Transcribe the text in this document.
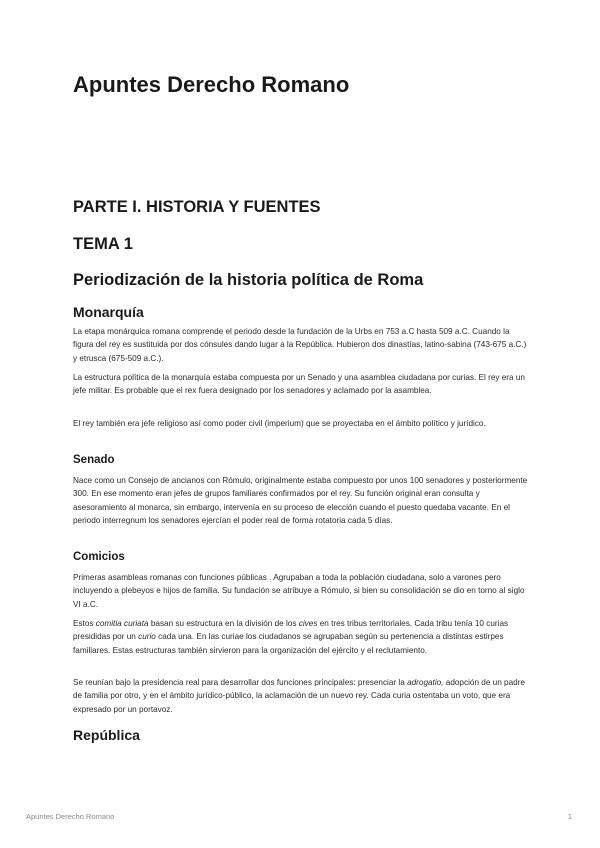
Apuntes Derecho Romano
PARTE I. HISTORIA Y FUENTES
TEMA 1
Periodización de la historia política de Roma
Monarquía

La etapa monárquica romana comprende el periodo desde la fundación de la Urbs en 753 a.C hasta 509 a.C. Cuando la figura del rey es sustituida por dos cónsules dando lugar a la República. Hubieron dos dinastías, latino-sabina (743-675 a.C.) y etrusca (675-509 a.C.).

La estructura política de la monarquía estaba compuesta por un Senado y una asamblea ciudadana por curias. El rey era un jefe militar. Es probable que el rex fuera designado por los senadores y aclamado por la asamblea.

El rey también era jefe religioso así como poder civil (imperium) que se proyectaba en el ámbito político y jurídico.

Senado

Nace como un Consejo de ancianos con Rómulo, originalmente estaba compuesto por unos 100 senadores y posteriormente 300. En ese momento eran jefes de grupos familiares confirmados por el rey. Su función original eran consulta y asesoramiento al monarca, sin embargo, intervenía en su proceso de elección cuando el puesto quedaba vacante. En el periodo interregnum los senadores ejercían el poder real de forma rotatoria cada 5 días.

Comicios

Primeras asambleas romanas con funciones públicas . Agrupaban a toda la población ciudadana, solo a varones pero incluyendo a plebeyos e hijos de familia. Su fundación se atribuye a Rómulo, si bien su consolidación se dio en torno al siglo VI a.C.

Estos comitia curiata basan su estructura en la división de los cives en tres tribus territoriales. Cada tribu tenía 10 curias presididas por un curio cada una. En las curiae los ciudadanos se agrupaban según su pertenencia a distintas estirpes familiares. Estas estructuras también sirvieron para la organización del ejército y el reclutamiento.

Se reunían bajo la presidencia real para desarrollar dos funciones principales: presenciar la adrogatio, adopción de un padre de familia por otro, y en el ámbito jurídico-público, la aclamación de un nuevo rey. Cada curia ostentaba un voto, que era expresado por un portavoz.

República
Apuntes Derecho Romano	1
